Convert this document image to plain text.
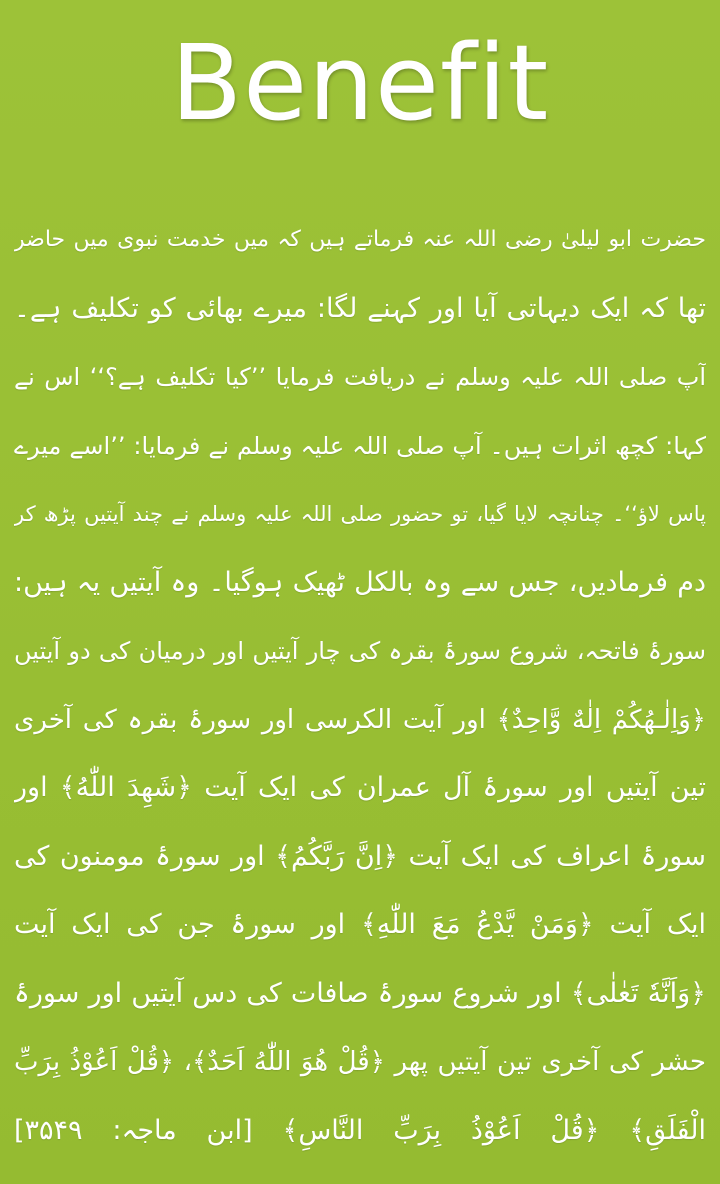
Benefit
حضرت ابو لیلیٰ رضی اللہ عنہ فرماتے ہیں کہ میں خدمت نبوی میں حاضر
تھا کہ ایک دیہاتی آیا اور کہنے لگا: میرے بھائی کو تکلیف ہے۔
آپ صلی اللہ علیہ وسلم نے دریافت فرمایا ’’کیا تکلیف ہے؟‘‘ اس نے
کہا: کچھ اثرات ہیں۔ آپ صلی اللہ علیہ وسلم نے فرمایا: ’’اسے میرے
پاس لاؤ‘‘۔ چنانچہ لایا گیا، تو حضور صلی اللہ علیہ وسلم نے چند آیتیں پڑھ کر
دم فرمادیں، جس سے وہ بالکل ٹھیک ہوگیا۔ وہ آیتیں یہ ہیں:
سورۂ فاتحہ، شروع سورۂ بقرہ کی چار آیتیں اور درمیان کی دو آیتیں
﴿وَاِلٰـهُكُمْ اِلٰهٌ وَّاحِدٌ﴾ اور آیت الکرسی اور سورۂ بقرہ کی آخری
تین آیتیں اور سورۂ آل عمران کی ایک آیت ﴿شَهِدَ اللّٰهُ﴾ اور
سورۂ اعراف کی ایک آیت ﴿اِنَّ رَبَّكُمُ﴾ اور سورۂ مومنون کی
ایک آیت ﴿وَمَنْ يَّدْعُ مَعَ اللّٰهِ﴾ اور سورۂ جن کی ایک آیت
﴿وَاَنَّهٗ تَعٰلٰى﴾ اور شروع سورۂ صافات کی دس آیتیں اور سورۂ
حشر کی آخری تین آیتیں پھر ﴿قُلْ هُوَ اللّٰهُ اَحَدٌ﴾، ﴿قُلْ اَعُوْذُ بِرَبِّ
الْفَلَقِ﴾ ﴿قُلْ اَعُوْذُ بِرَبِّ النَّاسِ﴾ [ابن ماجہ: ۳۵۴۹]
